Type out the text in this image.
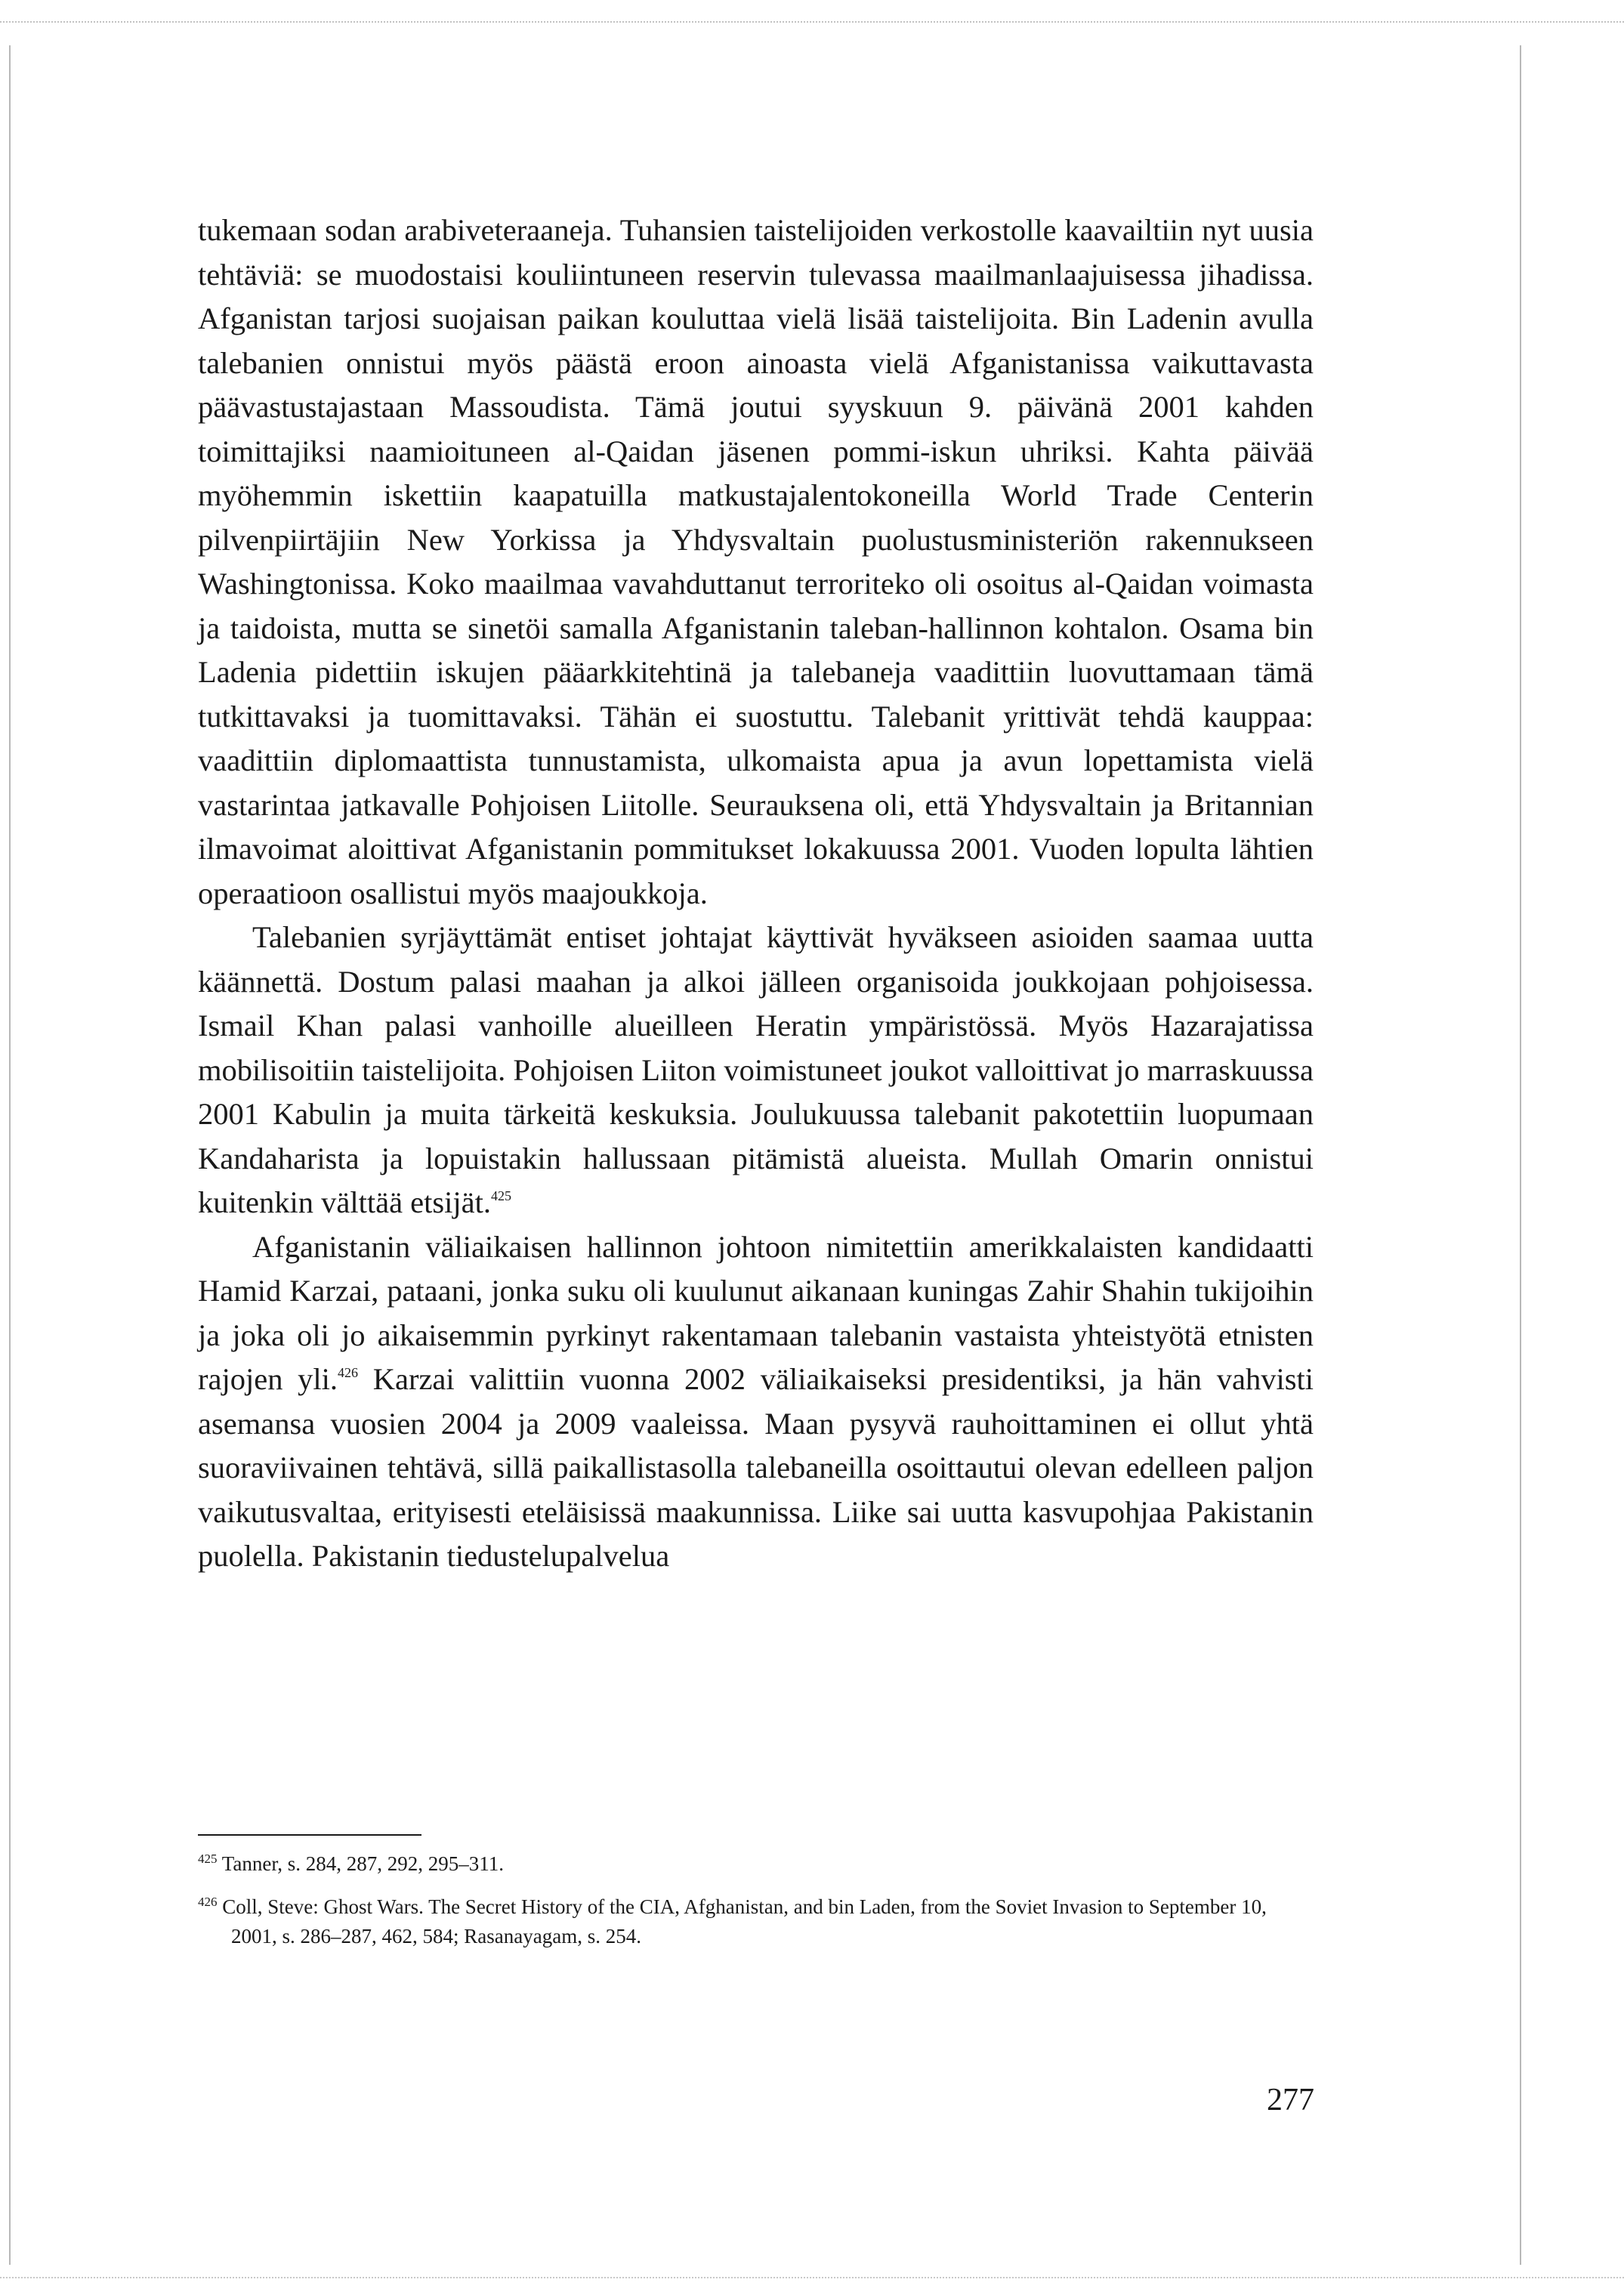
tukemaan sodan arabiveteraaneja. Tuhansien taistelijoiden verkostolle kaavailtiin nyt uusia tehtäviä: se muodostaisi kouliintuneen reservin tulevassa maailmanlaajuisessa jihadissa. Afganistan tarjosi suojaisan paikan kouluttaa vielä lisää taistelijoita. Bin Ladenin avulla talebanien onnistui myös päästä eroon ainoasta vielä Afganistanissa vaikuttavasta päävastustajastaan Massoudista. Tämä joutui syyskuun 9. päivänä 2001 kahden toimittajiksi naamioituneen al-Qaidan jäsenen pommi-iskun uhriksi. Kahta päivää myöhemmin iskettiin kaapatuilla matkustajalentokoneilla World Trade Centerin pilvenpiirtäjiin New Yorkissa ja Yhdysvaltain puolustusministeriön rakennukseen Washingtonissa. Koko maailmaa vavahduttanut terroriteko oli osoitus al-Qaidan voimasta ja taidoista, mutta se sinetöi samalla Afganistanin taleban-hallinnon kohtalon. Osama bin Ladenia pidettiin iskujen pääarkkitehtinä ja talebaneja vaadittiin luovuttamaan tämä tutkittavaksi ja tuomittavaksi. Tähän ei suostuttu. Talebanit yrittivät tehdä kauppaa: vaadittiin diplomaattista tunnustamista, ulkomaista apua ja avun lopettamista vielä vastarintaa jatkavalle Pohjoisen Liitolle. Seurauksena oli, että Yhdysvaltain ja Britannian ilmavoimat aloittivat Afganistanin pommitukset lokakuussa 2001. Vuoden lopulta lähtien operaatioon osallistui myös maajoukkoja.

Talebanien syrjäyttämät entiset johtajat käyttivät hyväkseen asioiden saamaa uutta käännettä. Dostum palasi maahan ja alkoi jälleen organisoida joukkojaan pohjoisessa. Ismail Khan palasi vanhoille alueilleen Heratin ympäristössä. Myös Hazarajatissa mobilisoitiin taistelijoita. Pohjoisen Liiton voimistuneet joukot valloittivat jo marraskuussa 2001 Kabulin ja muita tärkeitä keskuksia. Joulukuussa talebanit pakotettiin luopumaan Kandaharista ja lopuistakin hallussaan pitämistä alueista. Mullah Omarin onnistui kuitenkin välttää etsijät.$^{425}$

Afganistanin väliaikaisen hallinnon johtoon nimitettiin amerikkalaisten kandidaatti Hamid Karzai, pataani, jonka suku oli kuulunut aikanaan kuningas Zahir Shahin tukijoihin ja joka oli jo aikaisemmin pyrkinyt rakentamaan talebanin vastaista yhteistyötä etnisten rajojen yli.$^{426}$ Karzai valittiin vuonna 2002 väliaikaiseksi presidentiksi, ja hän vahvisti asemansa vuosien 2004 ja 2009 vaaleissa. Maan pysyvä rauhoittaminen ei ollut yhtä suoraviivainen tehtävä, sillä paikallistasolla talebaneilla osoittautui olevan edelleen paljon vaikutusvaltaa, erityisesti eteläisissä maakunnissa. Liike sai uutta kasvupohjaa Pakistanin puolella. Pakistanin tiedustelupalvelua

$^{425}$ Tanner, s. 284, 287, 292, 295–311.

$^{426}$ Coll, Steve: Ghost Wars. The Secret History of the CIA, Afghanistan, and bin Laden, from the Soviet Invasion to September 10, 2001, s. 286–287, 462, 584; Rasanayagam, s. 254.

277
